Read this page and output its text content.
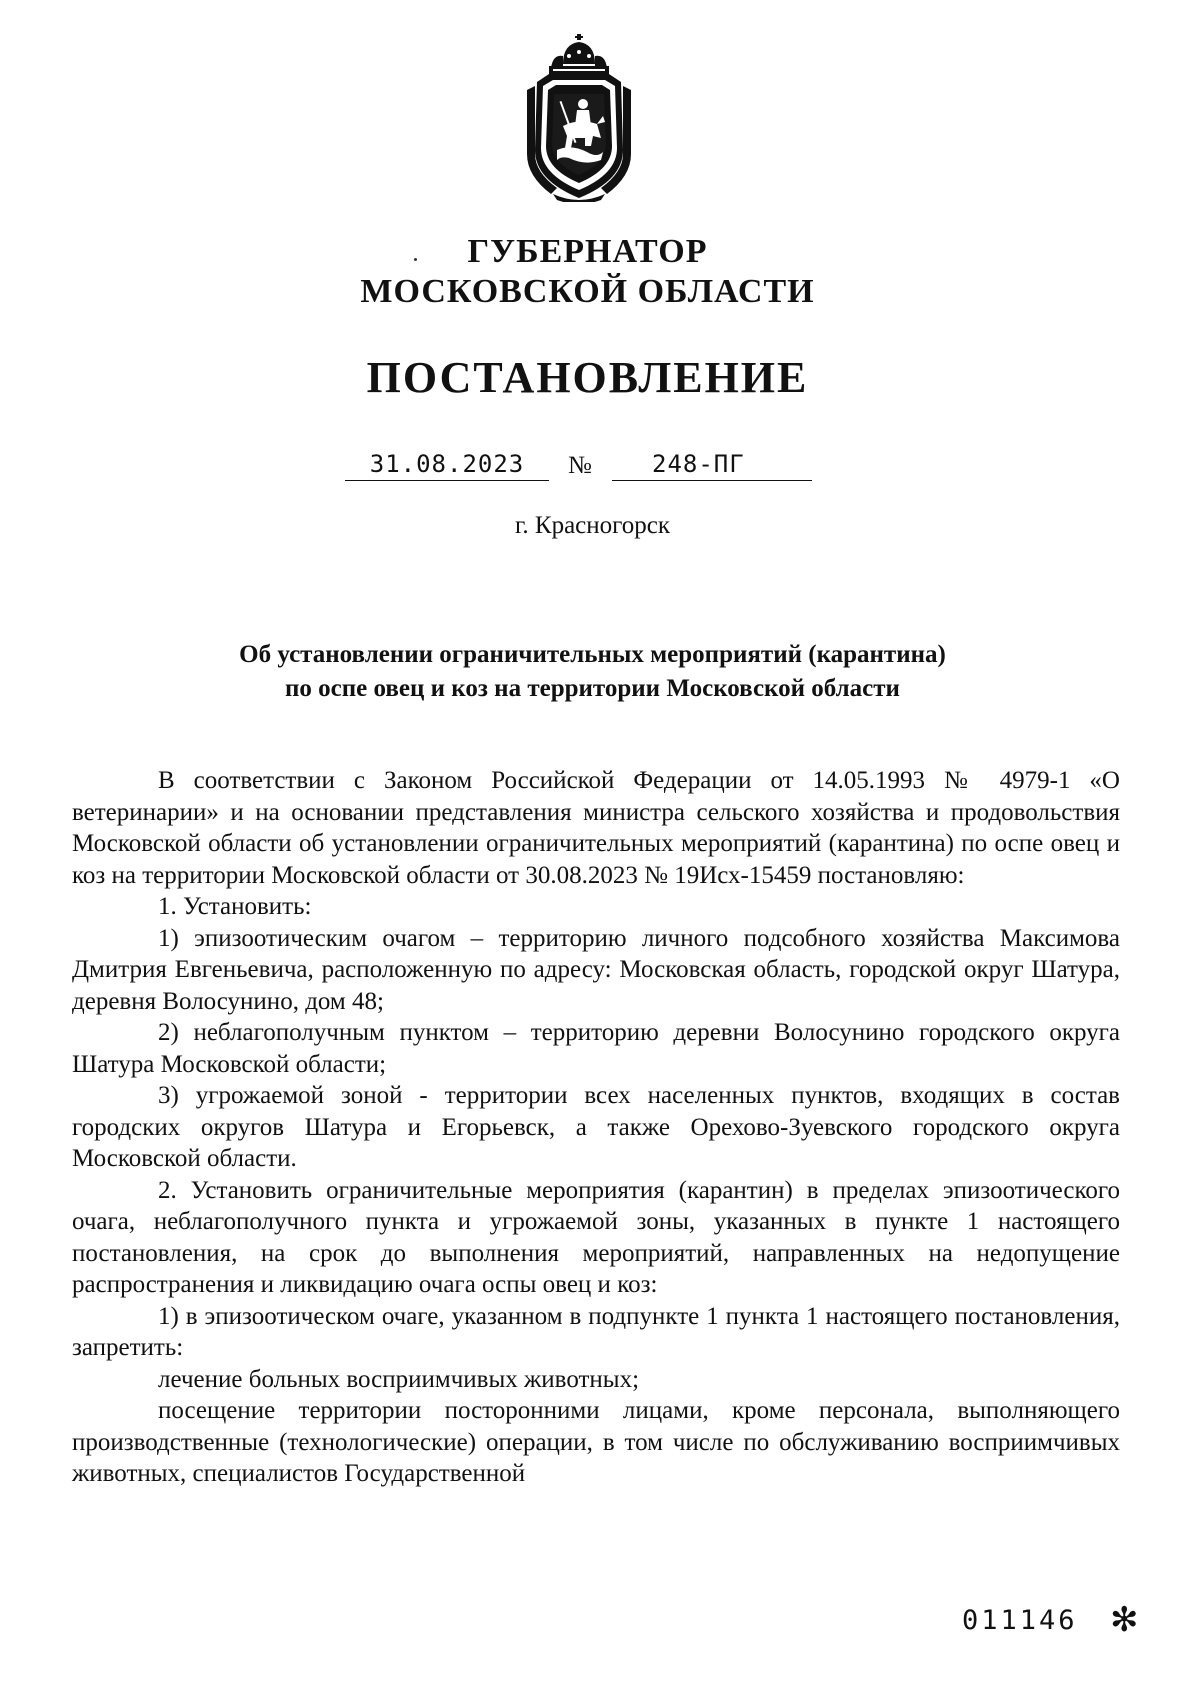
ГУБЕРНАТОР
МОСКОВСКОЙ ОБЛАСТИ
ПОСТАНОВЛЕНИЕ
31.08.2023	№	248-ПГ
г. Красногорск
Об установлении ограничительных мероприятий (карантина)
по оспе овец и коз на территории Московской области

В соответствии с Законом Российской Федерации от 14.05.1993 № 4979-1 «О ветеринарии» и на основании представления министра сельского хозяйства и продовольствия Московской области об установлении ограничительных мероприятий (карантина) по оспе овец и коз на территории Московской области от 30.08.2023 № 19Исх-15459 постановляю:

1. Установить:

1) эпизоотическим очагом – территорию личного подсобного хозяйства Максимова Дмитрия Евгеньевича, расположенную по адресу: Московская область, городской округ Шатура, деревня Волосунино, дом 48;

2) неблагополучным пунктом – территорию деревни Волосунино городского округа Шатура Московской области;

3) угрожаемой зоной - территории всех населенных пунктов, входящих в состав городских округов Шатура и Егорьевск, а также Орехово-Зуевского городского округа Московской области.

2. Установить ограничительные мероприятия (карантин) в пределах эпизоотического очага, неблагополучного пункта и угрожаемой зоны, указанных в пункте 1 настоящего постановления, на срок до выполнения мероприятий, направленных на недопущение распространения и ликвидацию очага оспы овец и коз:

1) в эпизоотическом очаге, указанном в подпункте 1 пункта 1 настоящего постановления, запретить:

лечение больных восприимчивых животных;

посещение территории посторонними лицами, кроме персонала, выполняющего производственные (технологические) операции, в том числе по обслуживанию восприимчивых животных, специалистов Государственной

011146 ✻
